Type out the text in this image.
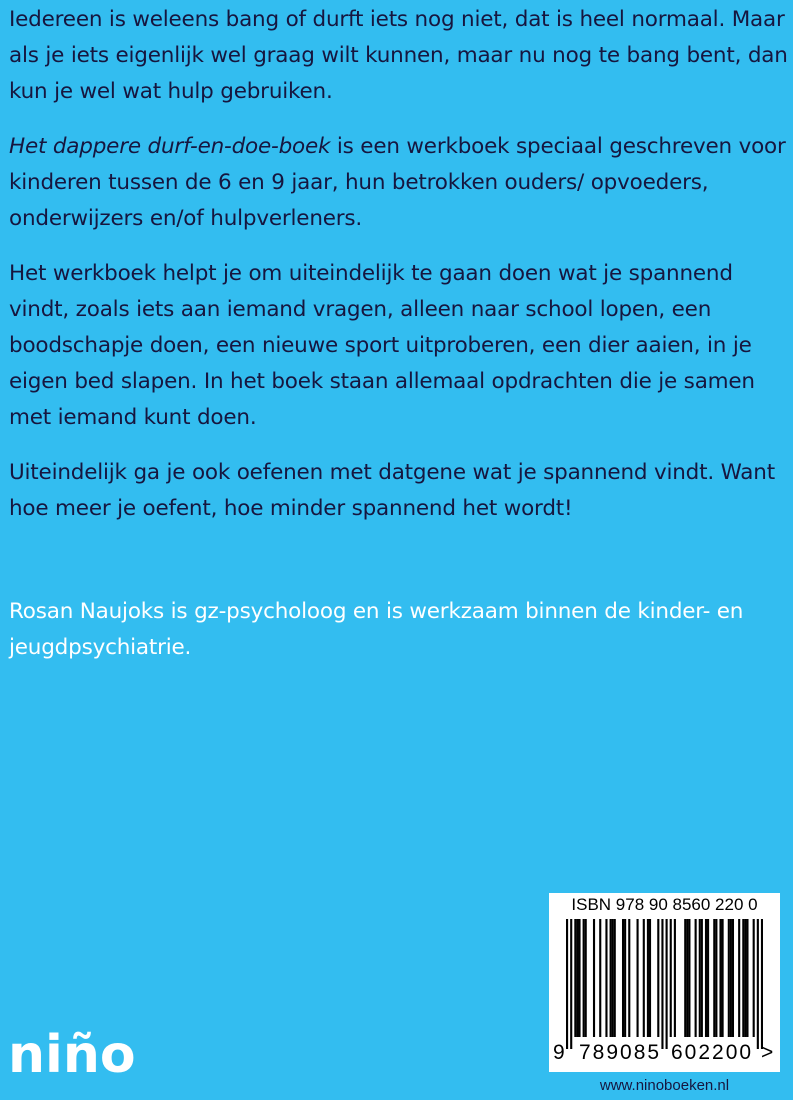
Iedereen is weleens bang of durft iets nog niet, dat is heel normaal. Maar als je iets eigenlijk wel graag wilt kunnen, maar nu nog te bang bent, dan kun je wel wat hulp gebruiken.

Het dappere durf-en-doe-boek is een werkboek speciaal geschreven voor kinderen tussen de 6 en 9 jaar, hun betrokken ouders/ opvoeders, onderwijzers en/of hulpverleners.

Het werkboek helpt je om uiteindelijk te gaan doen wat je spannend vindt, zoals iets aan iemand vragen, alleen naar school lopen, een boodschapje doen, een nieuwe sport uitproberen, een dier aaien, in je eigen bed slapen. In het boek staan allemaal opdrachten die je samen met iemand kunt doen.

Uiteindelijk ga je ook oefenen met datgene wat je spannend vindt. Want hoe meer je oefent, hoe minder spannend het wordt!

Rosan Naujoks is gz-psycholoog en is werkzaam binnen de kinder- en jeugdpsychiatrie.

niño
ISBN 978 90 8560 220 0
9 789085 602200 >
www.ninoboeken.nl
